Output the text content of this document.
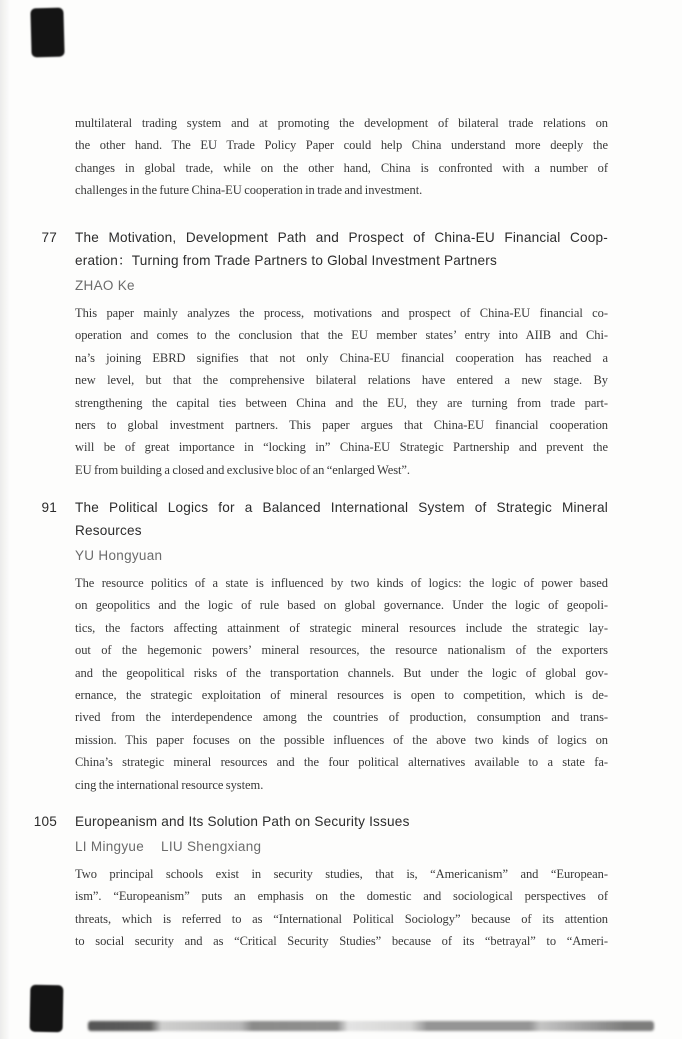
multilateral trading system and at promoting the development of bilateral trade relations on
the other hand. The EU Trade Policy Paper could help China understand more deeply the
changes in global trade, while on the other hand, China is confronted with a number of
challenges in the future China-EU cooperation in trade and investment.
77 The Motivation, Development Path and Prospect of China-EU Financial Coop-
eration：Turning from Trade Partners to Global Investment Partners
ZHAO Ke
This paper mainly analyzes the process, motivations and prospect of China-EU financial co-
operation and comes to the conclusion that the EU member states’ entry into AIIB and Chi-
na’s joining EBRD signifies that not only China-EU financial cooperation has reached a
new level, but that the comprehensive bilateral relations have entered a new stage. By
strengthening the capital ties between China and the EU, they are turning from trade part-
ners to global investment partners. This paper argues that China-EU financial cooperation
will be of great importance in “locking in” China-EU Strategic Partnership and prevent the
EU from building a closed and exclusive bloc of an “enlarged West”.
91 The Political Logics for a Balanced International System of Strategic Mineral
Resources
YU Hongyuan
The resource politics of a state is influenced by two kinds of logics: the logic of power based
on geopolitics and the logic of rule based on global governance. Under the logic of geopoli-
tics, the factors affecting attainment of strategic mineral resources include the strategic lay-
out of the hegemonic powers’ mineral resources, the resource nationalism of the exporters
and the geopolitical risks of the transportation channels. But under the logic of global gov-
ernance, the strategic exploitation of mineral resources is open to competition, which is de-
rived from the interdependence among the countries of production, consumption and trans-
mission. This paper focuses on the possible influences of the above two kinds of logics on
China’s strategic mineral resources and the four political alternatives available to a state fa-
cing the international resource system.
105 Europeanism and Its Solution Path on Security Issues
LI Mingyue LIU Shengxiang
Two principal schools exist in security studies, that is, “Americanism” and “European-
ism”. “Europeanism” puts an emphasis on the domestic and sociological perspectives of
threats, which is referred to as “International Political Sociology” because of its attention
to social security and as “Critical Security Studies” because of its “betrayal” to “Ameri-
